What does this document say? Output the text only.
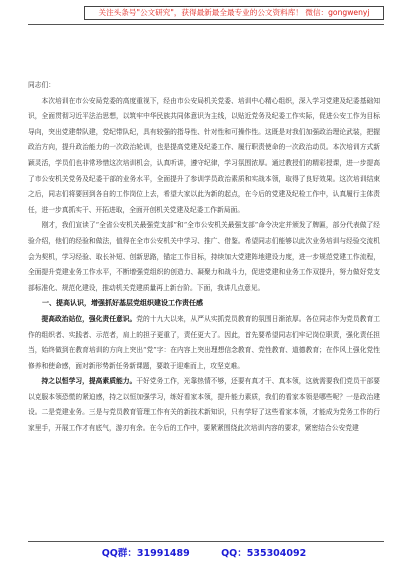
关注头条号"公文研究"，获得最新最全最专业的公文资料库！ 微信：gongwenyj

同志们：

本次培训在市公安局党委的高度重视下，经由市公安局机关党委、培训中心精心组织，深入学习党建及纪委基础知识，全面贯彻习近平法治思想，以筑牢中华民族共同体意识为主线，以贴近党务及纪委工作实际，促进公安工作为目标导向，突出党建带队建，党纪带队纪，具有较强的指导性、针对性和可操作性。这既是对我们加强政治理论武装，把握政治方向，提升政治能力的一次政治轮训，也是提高党建及纪委工作、履行职责使命的一次政治动员。本次培训方式新颖灵活，学员们也非常珍惜这次培训机会，认真听讲，遵守纪律，学习氛围浓厚。通过教授们的精彩授课，进一步提高了市公安机关党务及纪委干部的业务水平，全面提升了参训学员政治素质和实战本领，取得了良好效果。这次培训结束之后，同志们将要回到各自的工作岗位上去，希望大家以此为新的起点，在今后的党建及纪检工作中，认真履行主体责任，进一步真抓实干、开拓进取，全面开创机关党建及纪委工作新局面。

刚才，我们宣读了“全省公安机关最强党支部”和“全市公安机关最强支部”命令决定并颁发了牌匾，部分代表做了经验介绍，他们的经验和做法，值得在全市公安机关中学习、推广、借鉴。希望同志们能够以此次业务培训与经验交流机会为契机，学习经验、取长补短、创新思路，锚定工作目标，持续加大党建阵地建设力度，进一步规范党建工作流程，全面提升党建业务工作水平，不断增强党组织的创造力、凝聚力和战斗力，促进党建和业务工作双提升，努力做好党支部标准化、规范化建设，推动机关党建质量再上新台阶。下面，我讲几点意见。

一、提高认识，增强抓好基层党组织建设工作责任感

提高政治站位，强化责任意识。党的十九大以来，从严从实抓党员教育的氛围日渐浓厚。各位同志作为党员教育工作的组织者、实践者、示范者，肩上的担子更重了，责任更大了。因此，首先要希望同志们牢记岗位职责，强化责任担当，始终做到在教育培训的方向上突出“党”字：在内容上突出理想信念教育、党性教育、道德教育；在作风上强化党性修养和使命感，面对新形势新任务新课题，要敢于迎难而上，攻坚克难。

持之以恒学习，提高素质能力。干好党务工作，光靠热情不够，还要有真才干、真本领，这就需要我们党员干部要以克服本领恐慌的紧迫感，持之以恒加强学习，练好看家本领，提升能力素质，我们的看家本领是哪些呢？一是政治建设。二是党建业务。三是与党员教育管理工作有关的新技术新知识，只有学好了这些看家本领，才能成为党务工作的行家里手，开展工作才有底气，游刃有余。在今后的工作中，要紧紧围绕此次培训内容的要求，紧密结合公安党建

QQ群：31991489	QQ：535304092
